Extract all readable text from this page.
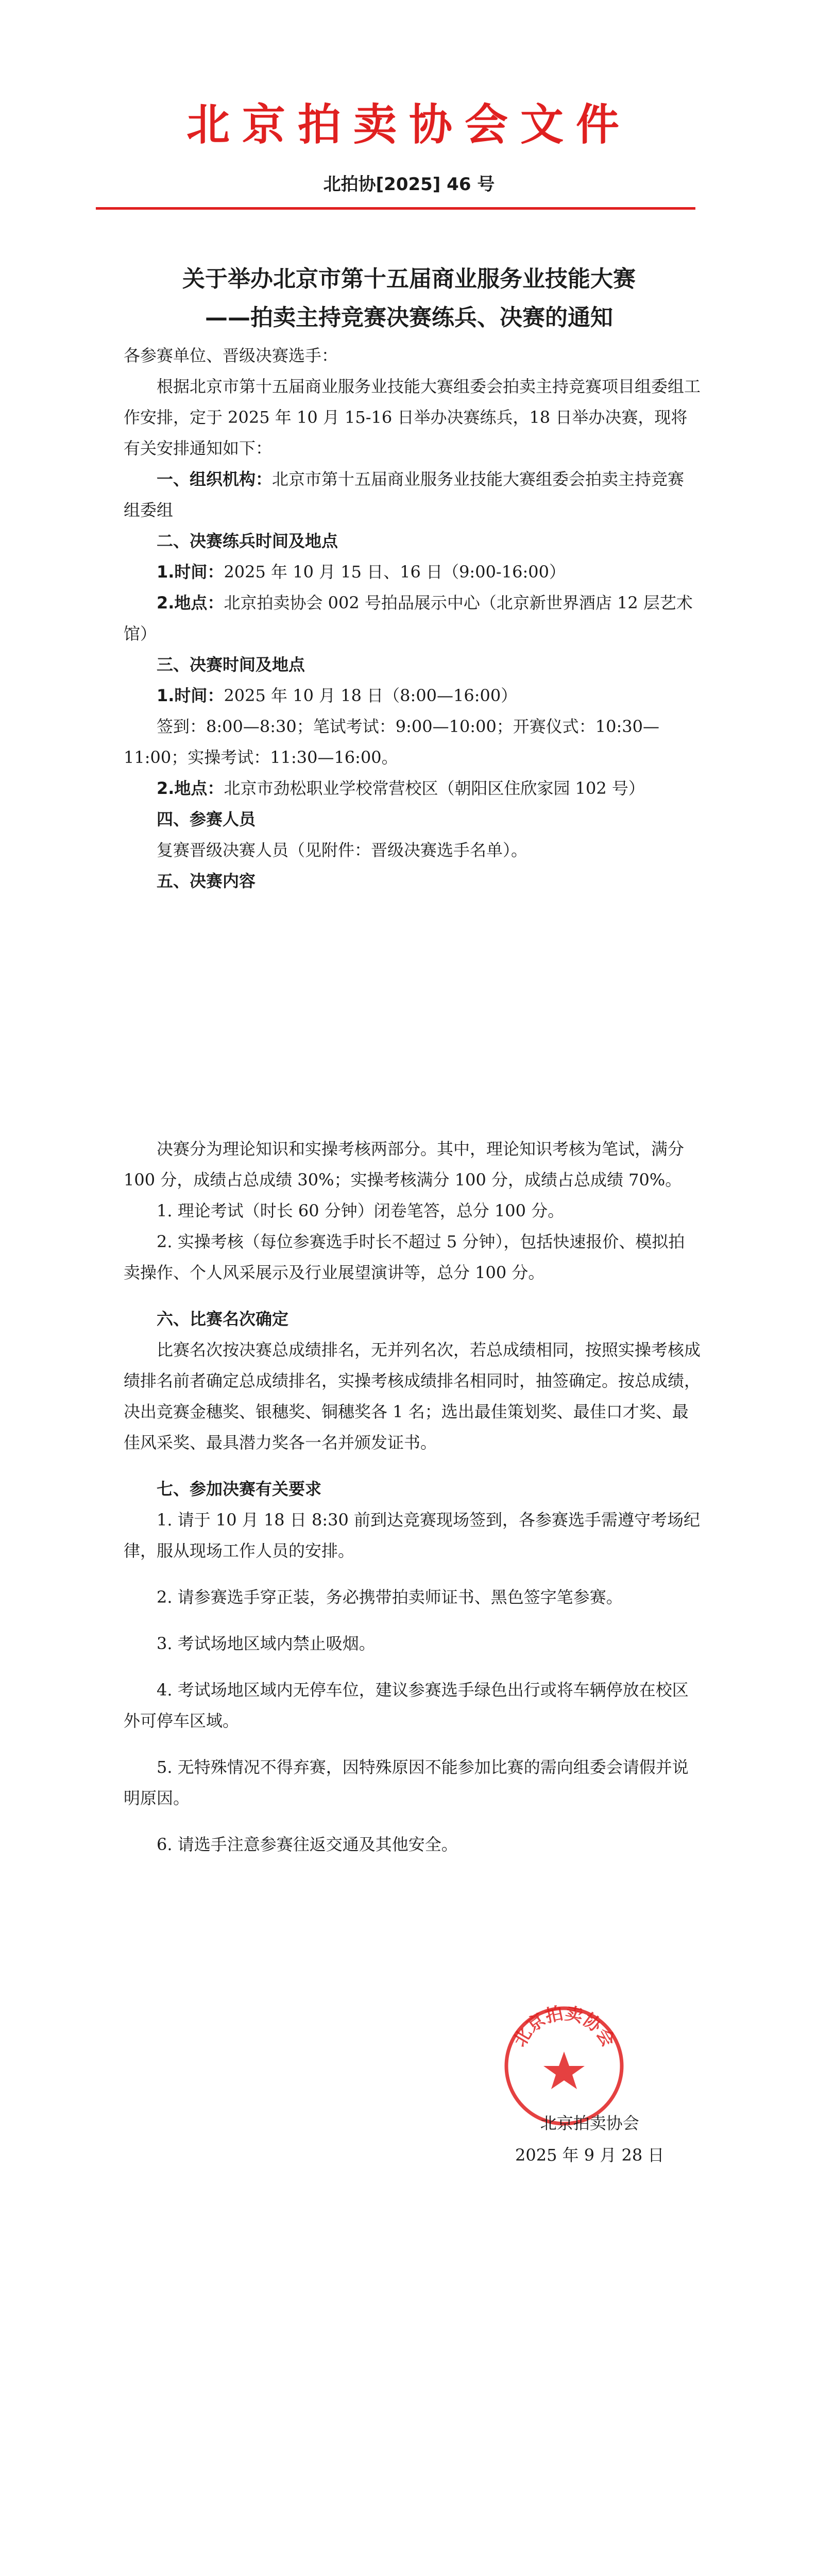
北京拍卖协会文件
北拍协[2025] 46 号
关于举办北京市第十五届商业服务业技能大赛
——拍卖主持竞赛决赛练兵、决赛的通知

各参赛单位、晋级决赛选手：

根据北京市第十五届商业服务业技能大赛组委会拍卖主持竞赛项目组委组工作安排，定于 2025 年 10 月 15-16 日举办决赛练兵，18 日举办决赛，现将有关安排通知如下：

一、组织机构：北京市第十五届商业服务业技能大赛组委会拍卖主持竞赛组委组

二、决赛练兵时间及地点

1.时间：2025 年 10 月 15 日、16 日（9:00-16:00）

2.地点：北京拍卖协会 002 号拍品展示中心（北京新世界酒店 12 层艺术馆）

三、决赛时间及地点

1.时间：2025 年 10 月 18 日（8:00—16:00）

签到：8:00—8:30；笔试考试：9:00—10:00；开赛仪式：10:30—11:00；实操考试：11:30—16:00。

2.地点：北京市劲松职业学校常营校区（朝阳区住欣家园 102 号）

四、参赛人员

复赛晋级决赛人员（见附件：晋级决赛选手名单）。

五、决赛内容

决赛分为理论知识和实操考核两部分。其中，理论知识考核为笔试，满分 100 分，成绩占总成绩 30%；实操考核满分 100 分，成绩占总成绩 70%。

1. 理论考试（时长 60 分钟）闭卷笔答，总分 100 分。

2. 实操考核（每位参赛选手时长不超过 5 分钟），包括快速报价、模拟拍卖操作、个人风采展示及行业展望演讲等，总分 100 分。

六、比赛名次确定

比赛名次按决赛总成绩排名，无并列名次，若总成绩相同，按照实操考核成绩排名前者确定总成绩排名，实操考核成绩排名相同时，抽签确定。按总成绩，决出竞赛金穗奖、银穗奖、铜穗奖各 1 名；选出最佳策划奖、最佳口才奖、最佳风采奖、最具潜力奖各一名并颁发证书。

七、参加决赛有关要求

1. 请于 10 月 18 日 8:30 前到达竞赛现场签到，各参赛选手需遵守考场纪律，服从现场工作人员的安排。

2. 请参赛选手穿正装，务必携带拍卖师证书、黑色签字笔参赛。

3. 考试场地区域内禁止吸烟。

4. 考试场地区域内无停车位，建议参赛选手绿色出行或将车辆停放在校区外可停车区域。

5. 无特殊情况不得弃赛，因特殊原因不能参加比赛的需向组委会请假并说明原因。

6. 请选手注意参赛往返交通及其他安全。

北京拍卖协会
北京拍卖协会
2025 年 9 月 28 日
